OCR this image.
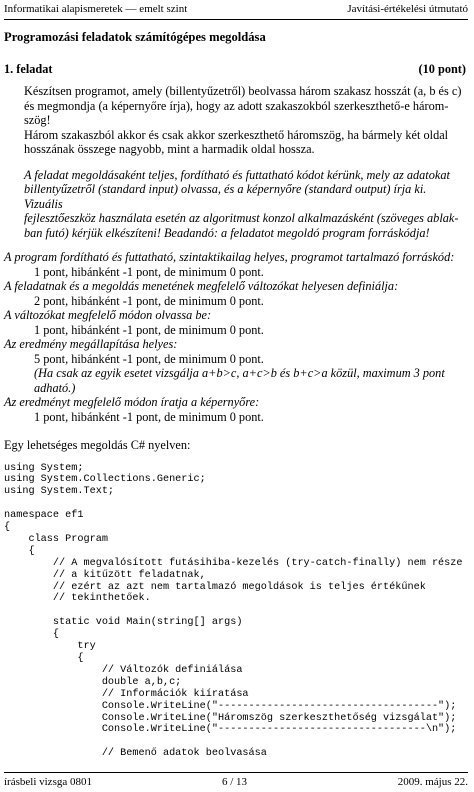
Informatikai alapismeretek — emelt szint	Javítási-értékelési útmutató
Programozási feladatok számítógépes megoldása
1. feladat	(10 pont)

Készítsen programot, amely (billentyűzetről) beolvassa három szakasz hosszát (a, b és c)

és megmondja (a képernyőre írja), hogy az adott szakaszokból szerkeszthető-e három-

szög!

Három szakaszból akkor és csak akkor szerkeszthető háromszög, ha bármely két oldal

hosszának összege nagyobb, mint a harmadik oldal hossza.

A feladat megoldásaként teljes, fordítható és futtatható kódot kérünk, mely az adatokat

billentyűzetről (standard input) olvassa, és a képernyőre (standard output) írja ki. Vizuális

fejlesztőeszköz használata esetén az algoritmust konzol alkalmazásként (szöveges ablak-

ban futó) kérjük elkészíteni! Beadandó: a feladatot megoldó program forráskódja!

A program fordítható és futtatható, szintaktikailag helyes, programot tartalmazó forráskód:

1 pont, hibánként -1 pont, de minimum 0 pont.

A feladatnak és a megoldás menetének megfelelő változókat helyesen definiálja:

2 pont, hibánként -1 pont, de minimum 0 pont.

A változókat megfelelő módon olvassa be:

1 pont, hibánként -1 pont, de minimum 0 pont.

Az eredmény megállapítása helyes:

5 pont, hibánként -1 pont, de minimum 0 pont.

(Ha csak az egyik esetet vizsgálja a+b>c, a+c>b és b+c>a közül, maximum 3 pont

adható.)

Az eredményt megfelelő módon íratja a képernyőre:

1 pont, hibánként -1 pont, de minimum 0 pont.

Egy lehetséges megoldás C# nyelven:
using System;
using System.Collections.Generic;
using System.Text;

namespace ef1
{
class Program
{
// A megvalósított futásihiba-kezelés (try-catch-finally) nem része
// a kitűzött feladatnak,
// ezért az azt nem tartalmazó megoldások is teljes értékűnek
// tekinthetőek.

static void Main(string[] args)
{
try
{
// Változók definiálása
double a,b,c;
// Információk kiíratása
Console.WriteLine("------------------------------------");
Console.WriteLine("Háromszög szerkeszthetőség vizsgálat");
Console.WriteLine("----------------------------------\n");

// Bemenő adatok beolvasása
írásbeli vizsga 0801	6 / 13	2009. május 22.
